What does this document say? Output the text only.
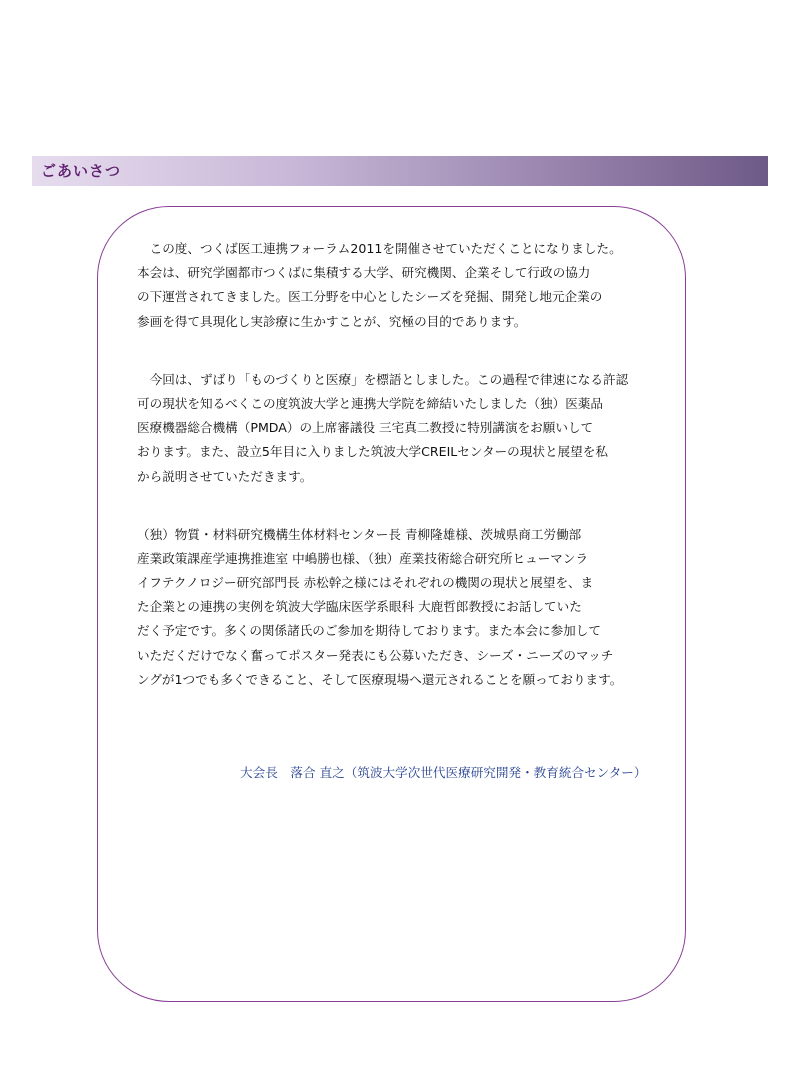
ごあいさつ

　この度、つくば医工連携フォーラム2011を開催させていただくことになりました。
本会は、研究学園都市つくばに集積する大学、研究機関、企業そして行政の協力
の下運営されてきました。医工分野を中心としたシーズを発掘、開発し地元企業の
参画を得て具現化し実診療に生かすことが、究極の目的であります。

　今回は、ずばり「ものづくりと医療」を標語としました。この過程で律速になる許認
可の現状を知るべくこの度筑波大学と連携大学院を締結いたしました（独）医薬品
医療機器総合機構（PMDA）の上席審議役 三宅真二教授に特別講演をお願いして
おります。また、設立5年目に入りました筑波大学CREILセンターの現状と展望を私
から説明させていただきます。

（独）物質・材料研究機構生体材料センター長 青柳隆雄様、茨城県商工労働部
産業政策課産学連携推進室 中嶋勝也様、（独）産業技術総合研究所ヒューマンラ
イフテクノロジー研究部門長 赤松幹之様にはそれぞれの機関の現状と展望を、ま
た企業との連携の実例を筑波大学臨床医学系眼科 大鹿哲郎教授にお話していた
だく予定です。多くの関係諸氏のご参加を期待しております。また本会に参加して
いただくだけでなく奮ってポスター発表にも公募いただき、シーズ・ニーズのマッチ
ングが1つでも多くできること、そして医療現場へ還元されることを願っております。

大会長　落合 直之（筑波大学次世代医療研究開発・教育統合センター）
